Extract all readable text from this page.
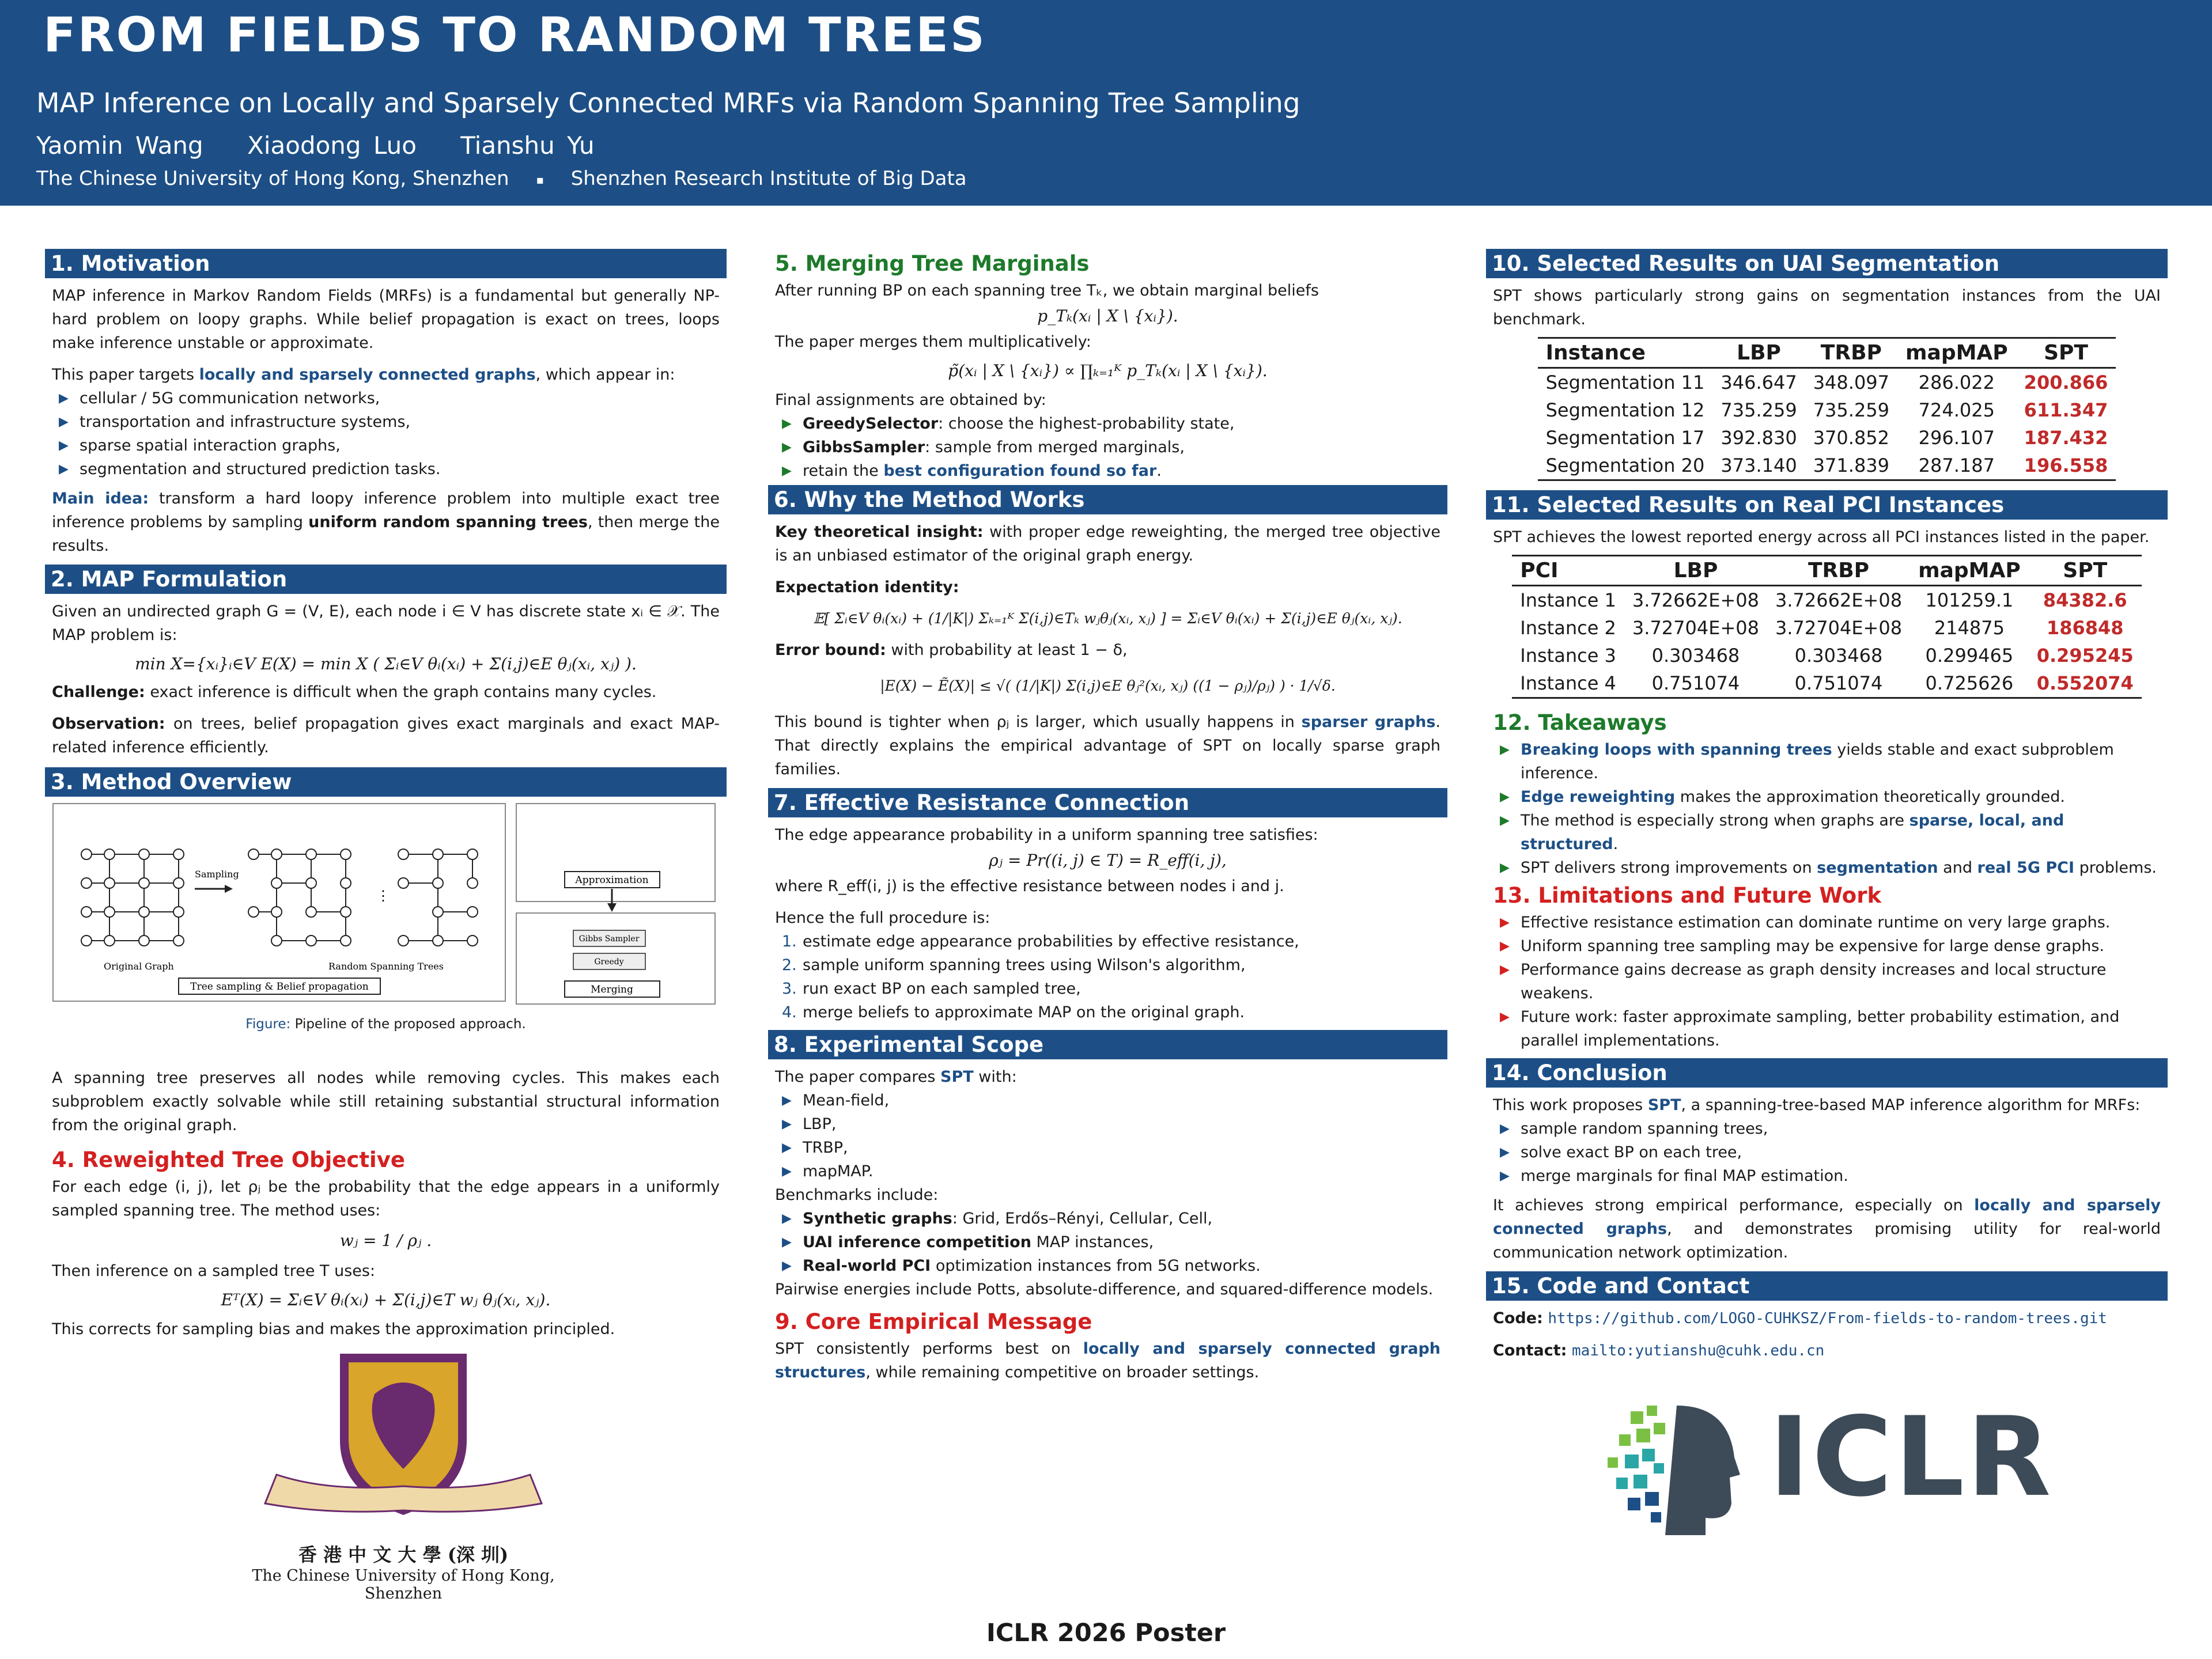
FROM FIELDS TO RANDOM TREES
MAP Inference on Locally and Sparsely Connected MRFs via Random Spanning Tree Sampling
Yaomin Wang Xiaodong Luo Tianshu Yu
The Chinese University of Hong Kong, Shenzhen ▪ Shenzhen Research Institute of Big Data
1. Motivation
MAP inference in Markov Random Fields (MRFs) is a fundamental but generally NP-hard problem on loopy graphs. While belief propagation is exact on trees, loops make inference unstable or approximate.
This paper targets locally and sparsely connected graphs, which appear in:
▶ cellular / 5G communication networks,
▶ transportation and infrastructure systems,
▶ sparse spatial interaction graphs,
▶ segmentation and structured prediction tasks.
Main idea: transform a hard loopy inference problem into multiple exact tree inference problems by sampling uniform random spanning trees, then merge the results.
2. MAP Formulation
Given an undirected graph G = (V, E), each node i ∈ V has discrete state xᵢ ∈ 𝒳. The MAP problem is:
min X={xᵢ}ᵢ∈V E(X) = min X ( Σᵢ∈V θᵢ(xᵢ) + Σ(i,j)∈E θⱼ(xᵢ, xⱼ) ).
Challenge: exact inference is difficult when the graph contains many cycles.
Observation: on trees, belief propagation gives exact marginals and exact MAP-related inference efficiently.
3. Method Overview
Sampling
⋮
Original Graph	Random Spanning Trees
Tree sampling & Belief propagation
Approximation
Gibbs Sampler
Greedy
Merging
Figure: Pipeline of the proposed approach.
A spanning tree preserves all nodes while removing cycles. This makes each subproblem exactly solvable while still retaining substantial structural information from the original graph.
4. Reweighted Tree Objective
For each edge (i, j), let ρⱼ be the probability that the edge appears in a uniformly sampled spanning tree. The method uses:
wⱼ = 1 / ρⱼ .
Then inference on a sampled tree T uses:
Eᵀ(X) = Σᵢ∈V θᵢ(xᵢ) + Σ(i,j)∈T wⱼ θⱼ(xᵢ, xⱼ).
This corrects for sampling bias and makes the approximation principled.
5. Merging Tree Marginals
After running BP on each spanning tree Tₖ, we obtain marginal beliefs
p_Tₖ(xᵢ | X \ {xᵢ}).
The paper merges them multiplicatively:
p̃(xᵢ | X \ {xᵢ}) ∝ ∏ₖ₌₁ᴷ p_Tₖ(xᵢ | X \ {xᵢ}).
Final assignments are obtained by:
▶ GreedySelector: choose the highest-probability state,
▶ GibbsSampler: sample from merged marginals,
▶ retain the best configuration found so far.
6. Why the Method Works
Key theoretical insight: with proper edge reweighting, the merged tree objective is an unbiased estimator of the original graph energy.
Expectation identity:
𝔼[ Σᵢ∈V θᵢ(xᵢ) + (1/|K|) Σₖ₌₁ᴷ Σ(i,j)∈Tₖ wⱼθⱼ(xᵢ, xⱼ) ] = Σᵢ∈V θᵢ(xᵢ) + Σ(i,j)∈E θⱼ(xᵢ, xⱼ).
Error bound: with probability at least 1 − δ,
|E(X) − Ẽ(X)| ≤ √( (1/|K|) Σ(i,j)∈E θⱼ²(xᵢ, xⱼ) ((1 − ρⱼ)/ρⱼ) ) · 1/√δ.
This bound is tighter when ρⱼ is larger, which usually happens in sparser graphs. That directly explains the empirical advantage of SPT on locally sparse graph families.
7. Effective Resistance Connection
The edge appearance probability in a uniform spanning tree satisfies:
ρⱼ = Pr((i, j) ∈ T) = R_eff(i, j),
where R_eff(i, j) is the effective resistance between nodes i and j.
Hence the full procedure is:
1. estimate edge appearance probabilities by effective resistance,
2. sample uniform spanning trees using Wilson's algorithm,
3. run exact BP on each sampled tree,
4. merge beliefs to approximate MAP on the original graph.
8. Experimental Scope
The paper compares SPT with:
▶ Mean-field,
▶ LBP,
▶ TRBP,
▶ mapMAP.
Benchmarks include:
▶ Synthetic graphs: Grid, Erdős–Rényi, Cellular, Cell,
▶ UAI inference competition MAP instances,
▶ Real-world PCI optimization instances from 5G networks.
Pairwise energies include Potts, absolute-difference, and squared-difference models.
9. Core Empirical Message
SPT consistently performs best on locally and sparsely connected graph structures, while remaining competitive on broader settings.
10. Selected Results on UAI Segmentation
SPT shows particularly strong gains on segmentation instances from the UAI benchmark.
Instance	LBP	TRBP	mapMAP	SPT
Segmentation 11	346.647	348.097	286.022	200.866
Segmentation 12	735.259	735.259	724.025	611.347
Segmentation 17	392.830	370.852	296.107	187.432
Segmentation 20	373.140	371.839	287.187	196.558
11. Selected Results on Real PCI Instances
SPT achieves the lowest reported energy across all PCI instances listed in the paper.
PCI	LBP	TRBP	mapMAP	SPT
Instance 1	3.72662E+08	3.72662E+08	101259.1	84382.6
Instance 2	3.72704E+08	3.72704E+08	214875	186848
Instance 3	0.303468	0.303468	0.299465	0.295245
Instance 4	0.751074	0.751074	0.725626	0.552074
12. Takeaways
▶ Breaking loops with spanning trees yields stable and exact subproblem inference.
▶ Edge reweighting makes the approximation theoretically grounded.
▶ The method is especially strong when graphs are sparse, local, and structured.
▶ SPT delivers strong improvements on segmentation and real 5G PCI problems.
13. Limitations and Future Work
▶ Effective resistance estimation can dominate runtime on very large graphs.
▶ Uniform spanning tree sampling may be expensive for large dense graphs.
▶ Performance gains decrease as graph density increases and local structure weakens.
▶ Future work: faster approximate sampling, better probability estimation, and parallel implementations.
14. Conclusion
This work proposes SPT, a spanning-tree-based MAP inference algorithm for MRFs:
▶ sample random spanning trees,
▶ solve exact BP on each tree,
▶ merge marginals for final MAP estimation.
It achieves strong empirical performance, especially on locally and sparsely connected graphs, and demonstrates promising utility for real-world communication network optimization.
15. Code and Contact
Code: https://github.com/LOGO-CUHKSZ/From-fields-to-random-trees.git
Contact: mailto:yutianshu@cuhk.edu.cn
香 港 中 文 大 學 (深 圳)
The Chinese University of Hong Kong, Shenzhen
ICLR
ICLR 2026 Poster
